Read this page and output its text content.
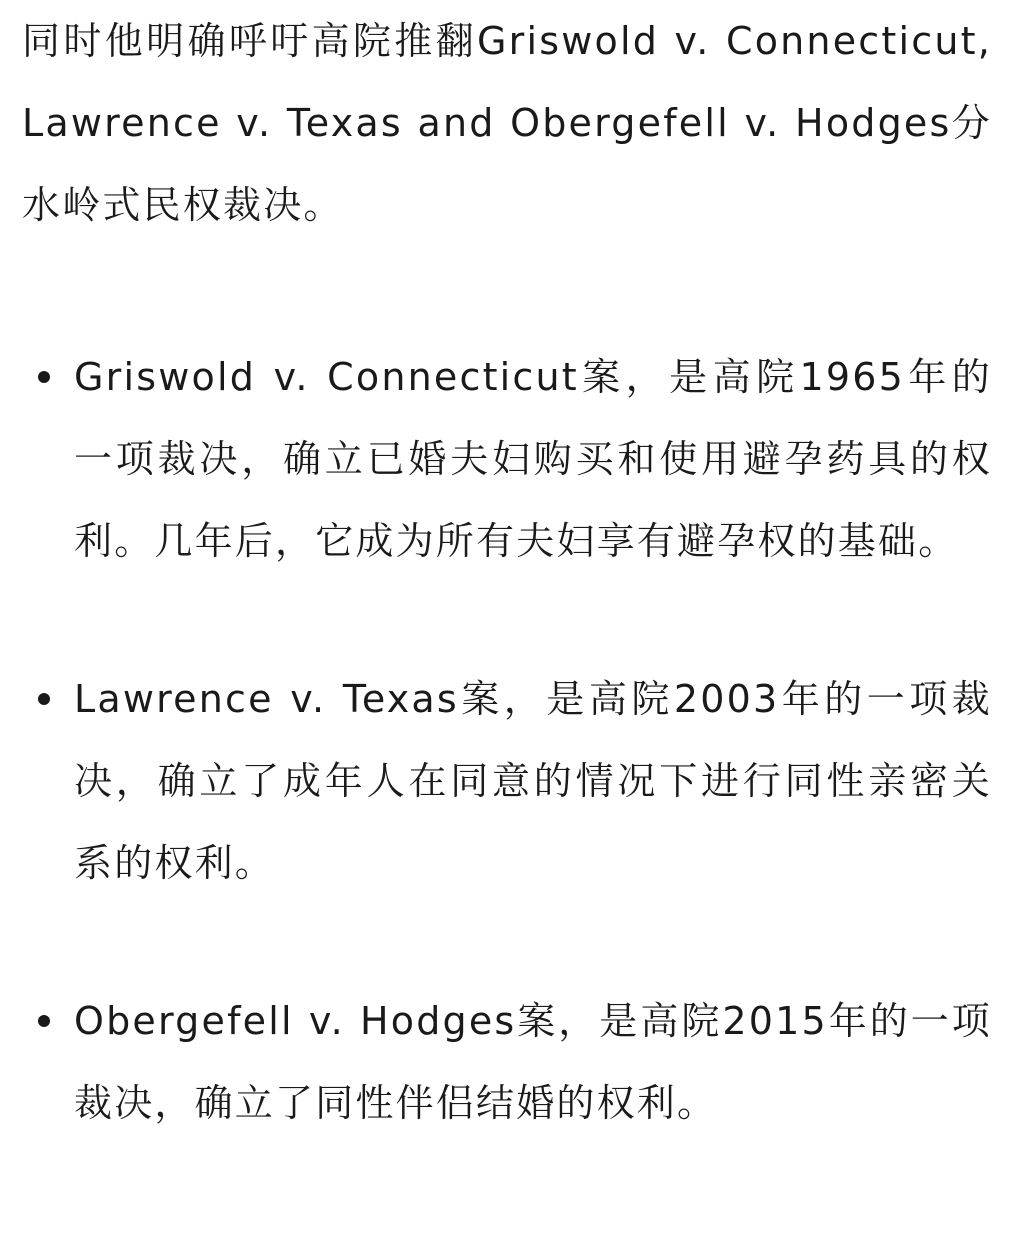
同时他明确呼吁高院推翻Griswold v. Connecticut, Lawrence v. Texas and Obergefell v. Hodges分水岭式民权裁决。

Griswold v. Connecticut案，是高院1965年的一项裁决，确立已婚夫妇购买和使用避孕药具的权利。几年后，它成为所有夫妇享有避孕权的基础。
Lawrence v. Texas案，是高院2003年的一项裁决，确立了成年人在同意的情况下进行同性亲密关系的权利。
Obergefell v. Hodges案，是高院2015年的一项裁决，确立了同性伴侣结婚的权利。
